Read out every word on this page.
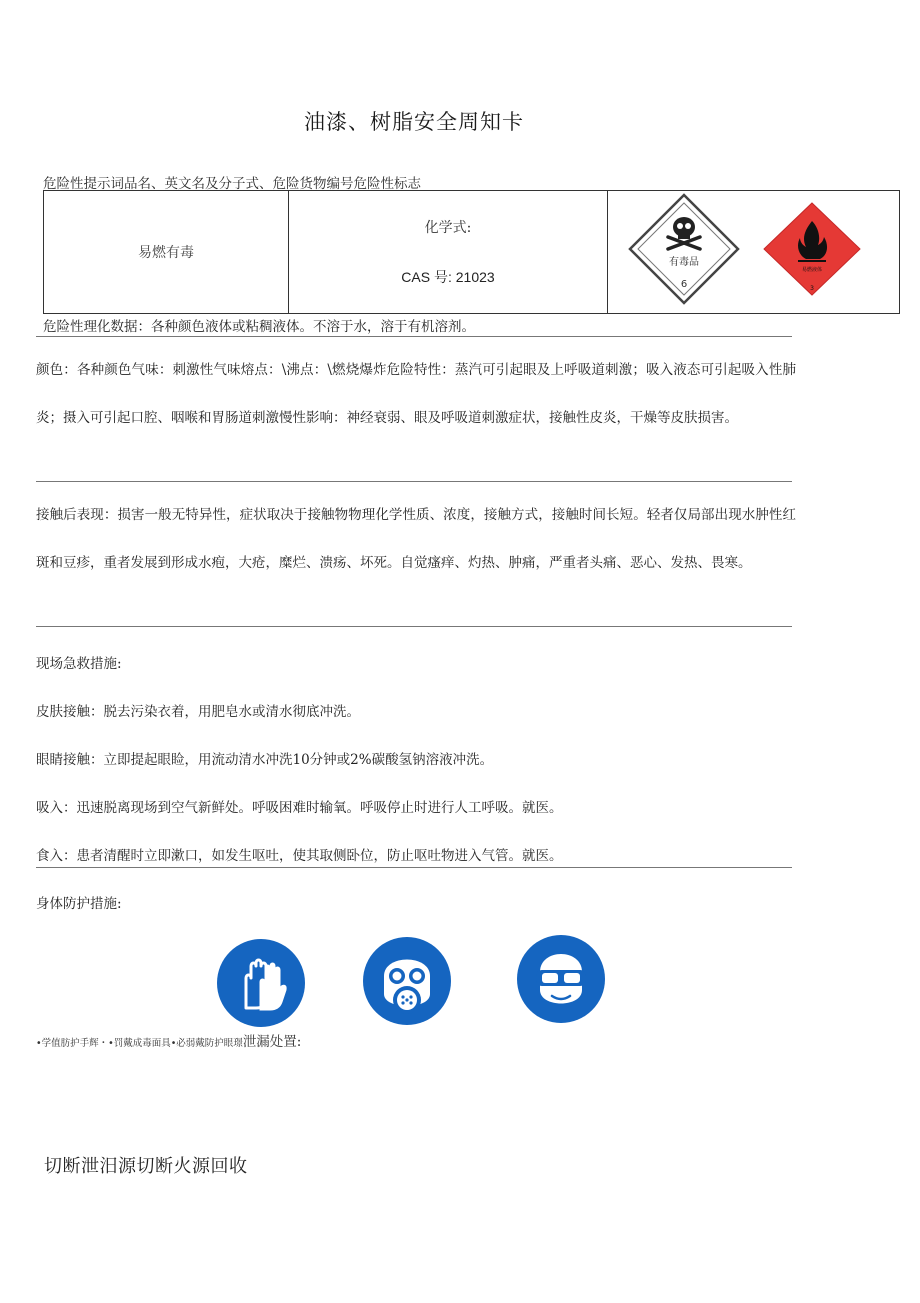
油漆、树脂安全周知卡
危险性提示词品名、英文名及分子式、危险货物编号危险性标志
易燃有毒	
化学式:
CAS 号: 21023

有毒品
6
易燃液体
3
危险性理化数据：各种颜色液体或粘稠液体。不溶于水，溶于有机溶剂。
颜色：各种颜色气味：刺激性气味熔点：\沸点：\燃烧爆炸危险特性：蒸汽可引起眼及上呼吸道刺激；吸入液态可引起吸入性肺炎；摄入可引起口腔、咽喉和胃肠道刺激慢性影响：神经衰弱、眼及呼吸道刺激症状，接触性皮炎，干燥等皮肤损害。
接触后表现：损害一般无特异性，症状取决于接触物物理化学性质、浓度，接触方式，接触时间长短。轻者仅局部出现水肿性红斑和豆疹，重者发展到形成水疱，大疮，糜烂、溃疡、坏死。自觉瘙痒、灼热、肿痛，严重者头痛、恶心、发热、畏寒。
现场急救措施:
皮肤接触：脱去污染衣着，用肥皂水或清水彻底冲洗。
眼睛接触：立即提起眼睑，用流动清水冲洗10分钟或2%碳酸氢钠溶液冲洗。
吸入：迅速脱离现场到空气新鲜处。呼吸困难时输氧。呼吸停止时进行人工呼吸。就医。
食入：患者清醒时立即漱口，如发生呕吐，使其取侧卧位，防止呕吐物进入气管。就医。
身体防护措施:
•学值肪护手辉・•罚戴成毒面具•必弱戴防护眼璟泄漏处置:
切断泄汨源切断火源回收
